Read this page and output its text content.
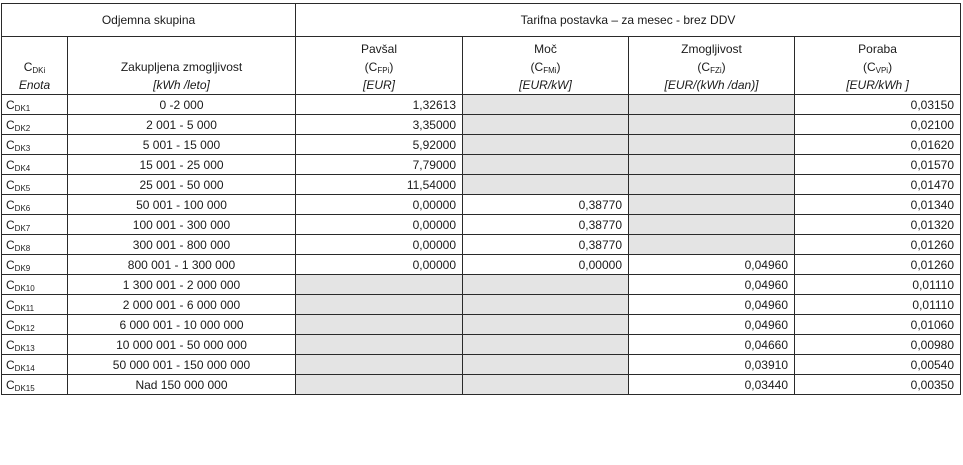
Odjemna skupina		Tarifna postavka – za mesec - brez DDV			
		Pavšal	Moč	Zmogljivost	Poraba
$C_{DKi}$	Zakupljena zmogljivost	$(C_{FPi})$	$(C_{FMi})$	$(C_{FZi})$	$(C_{VPi})$
Enota	[kWh /leto]	[EUR]	[EUR/kW]	[EUR/(kWh /dan)]	[EUR/kWh ]
$C_{DK1}$	0 -2 000	1,32613			0,03150
$C_{DK2}$	2 001 - 5 000	3,35000			0,02100
$C_{DK3}$	5 001 - 15 000	5,92000			0,01620
$C_{DK4}$	15 001 - 25 000	7,79000			0,01570
$C_{DK5}$	25 001 - 50 000	11,54000			0,01470
$C_{DK6}$	50 001 - 100 000	0,00000	0,38770		0,01340
$C_{DK7}$	100 001 - 300 000	0,00000	0,38770		0,01320
$C_{DK8}$	300 001 - 800 000	0,00000	0,38770		0,01260
$C_{DK9}$	800 001 - 1 300 000	0,00000	0,00000	0,04960	0,01260
$C_{DK10}$	1 300 001 - 2 000 000			0,04960	0,01110
$C_{DK11}$	2 000 001 - 6 000 000			0,04960	0,01110
$C_{DK12}$	6 000 001 - 10 000 000			0,04960	0,01060
$C_{DK13}$	10 000 001 - 50 000 000			0,04660	0,00980
$C_{DK14}$	50 000 001 - 150 000 000			0,03910	0,00540
$C_{DK15}$	Nad 150 000 000			0,03440	0,00350
